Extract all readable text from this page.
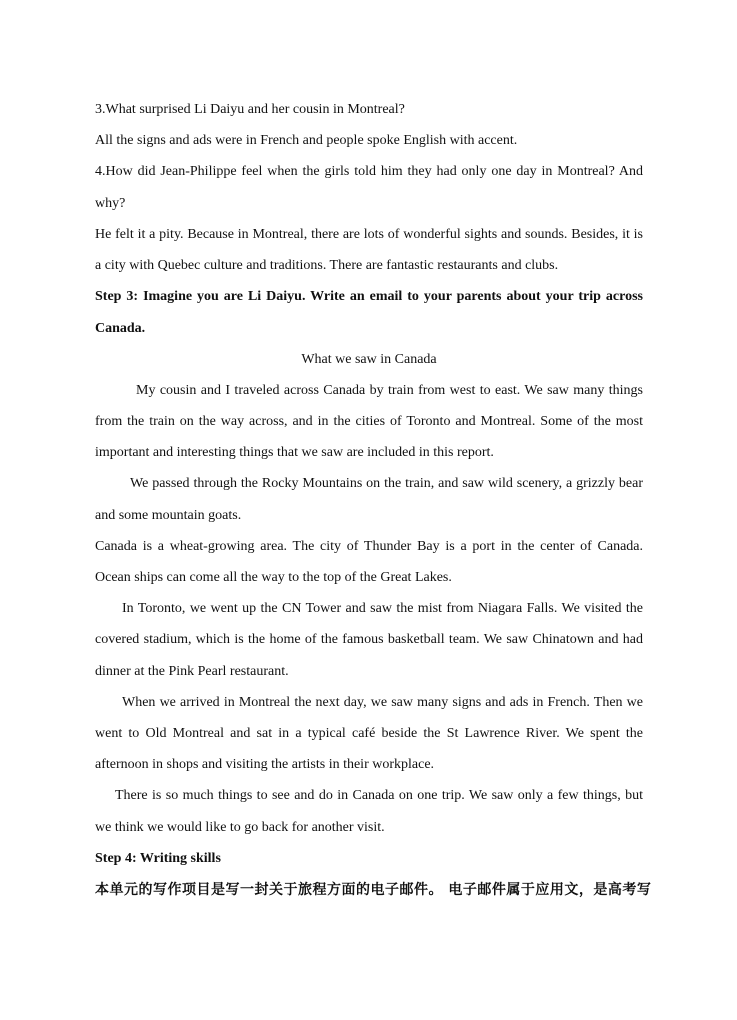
3.What surprised Li Daiyu and her cousin in Montreal?
All the signs and ads were in French and people spoke English with accent.
4.How did Jean-Philippe feel when the girls told him they had only one day in Montreal? And
why?
He felt it a pity. Because in Montreal, there are lots of wonderful sights and sounds. Besides, it is
a city with Quebec culture and traditions. There are fantastic restaurants and clubs.
Step 3: Imagine you are Li Daiyu. Write an email to your parents about your trip across
Canada.
What we saw in Canada
My cousin and I traveled across Canada by train from west to east. We saw many things
from the train on the way across, and in the cities of Toronto and Montreal. Some of the most
important and interesting things that we saw are included in this report.
We passed through the Rocky Mountains on the train, and saw wild scenery, a grizzly bear
and some mountain goats.
Canada is a wheat-growing area. The city of Thunder Bay is a port in the center of Canada.
Ocean ships can come all the way to the top of the Great Lakes.
In Toronto, we went up the CN Tower and saw the mist from Niagara Falls. We visited the
covered stadium, which is the home of the famous basketball team. We saw Chinatown and had
dinner at the Pink Pearl restaurant.
When we arrived in Montreal the next day, we saw many signs and ads in French. Then we
went to Old Montreal and sat in a typical café beside the St Lawrence River. We spent the
afternoon in shops and visiting the artists in their workplace.
There is so much things to see and do in Canada on one trip. We saw only a few things, but
we think we would like to go back for another visit.
Step 4: Writing skills
本单元的写作项目是写一封关于旅程方面的电子邮件。 电子邮件属于应用文，是高考写
